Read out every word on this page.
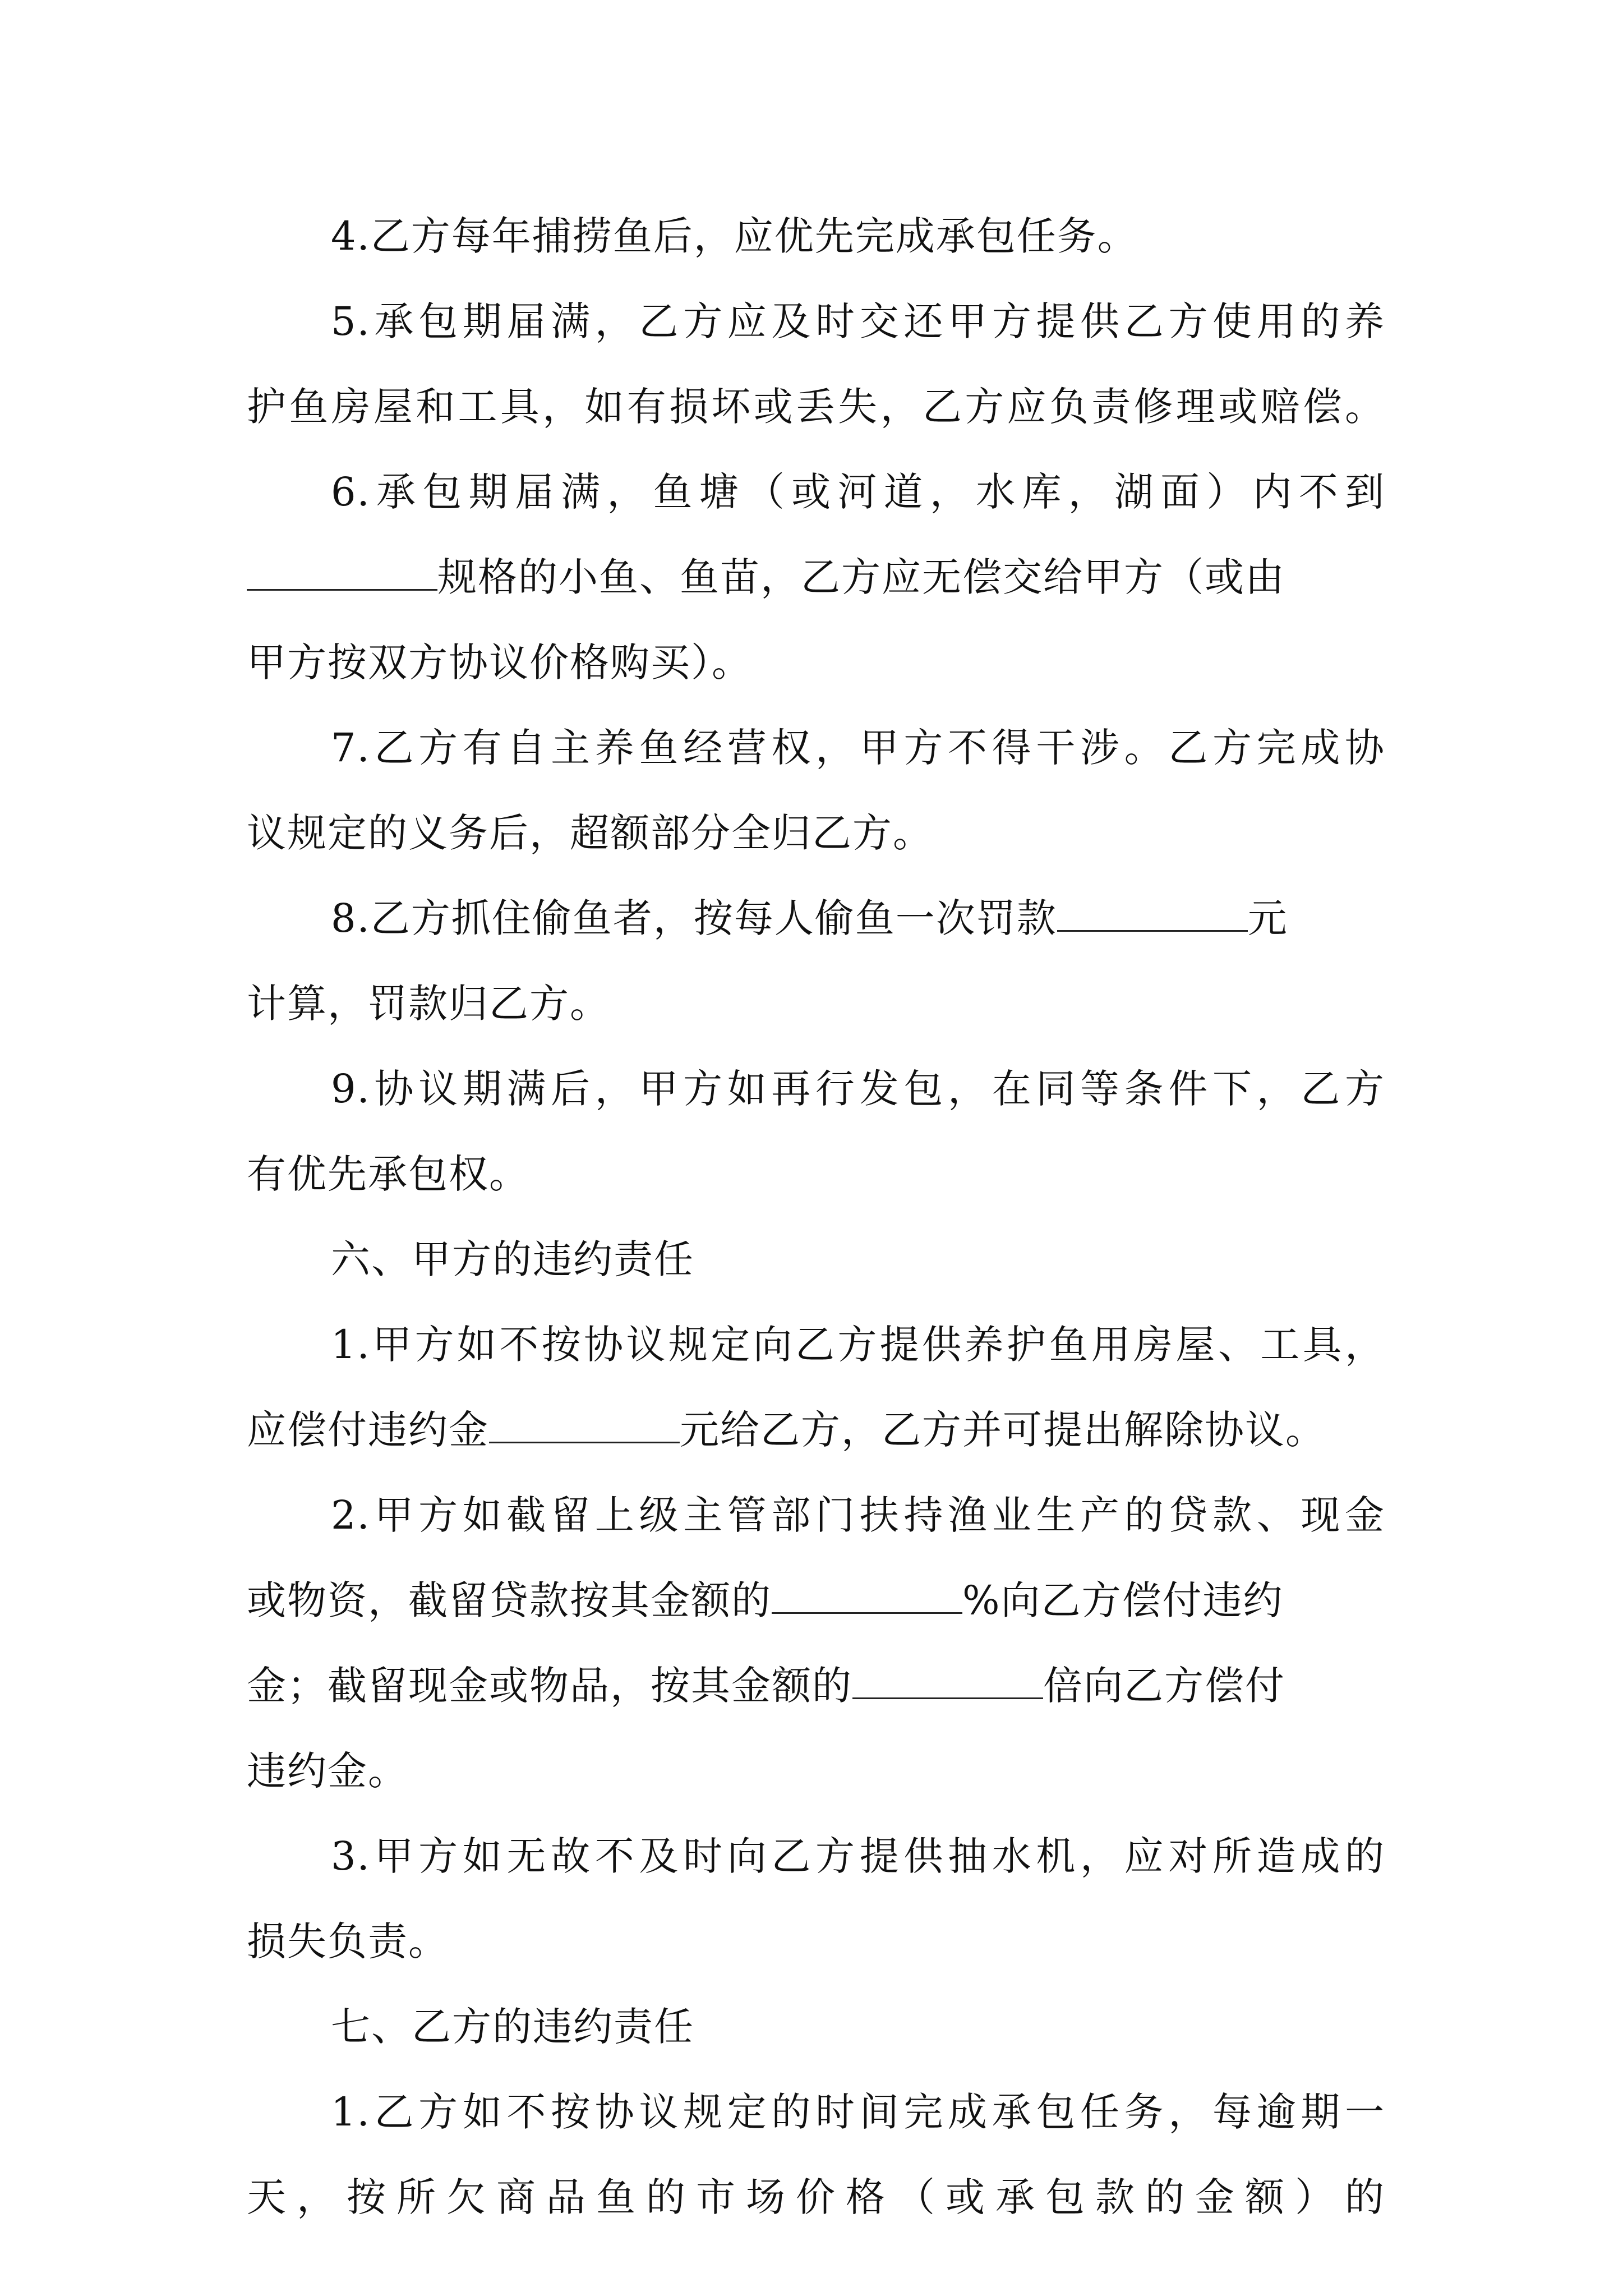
4.乙方每年捕捞鱼后，应优先完成承包任务。
5.承包期届满，乙方应及时交还甲方提供乙方使用的养
护鱼房屋和工具，如有损坏或丢失，乙方应负责修理或赔偿。
6.承包期届满，鱼塘（或河道，水库，湖面）内不到
规格的小鱼、鱼苗，乙方应无偿交给甲方（或由
甲方按双方协议价格购买）。
7.乙方有自主养鱼经营权，甲方不得干涉。乙方完成协
议规定的义务后，超额部分全归乙方。
8.乙方抓住偷鱼者，按每人偷鱼一次罚款	元
计算，罚款归乙方。
9.协议期满后，甲方如再行发包，在同等条件下，乙方
有优先承包权。
六、甲方的违约责任
1.甲方如不按协议规定向乙方提供养护鱼用房屋、工具，
应偿付违约金	元给乙方，乙方并可提出解除协议。
2.甲方如截留上级主管部门扶持渔业生产的贷款、现金
或物资，截留贷款按其金额的	%向乙方偿付违约
金；截留现金或物品，按其金额的	倍向乙方偿付
违约金。
3.甲方如无故不及时向乙方提供抽水机，应对所造成的
损失负责。
七、乙方的违约责任
1.乙方如不按协议规定的时间完成承包任务，每逾期一
天，按所欠商品鱼的市场价格（或承包款的金额）的
